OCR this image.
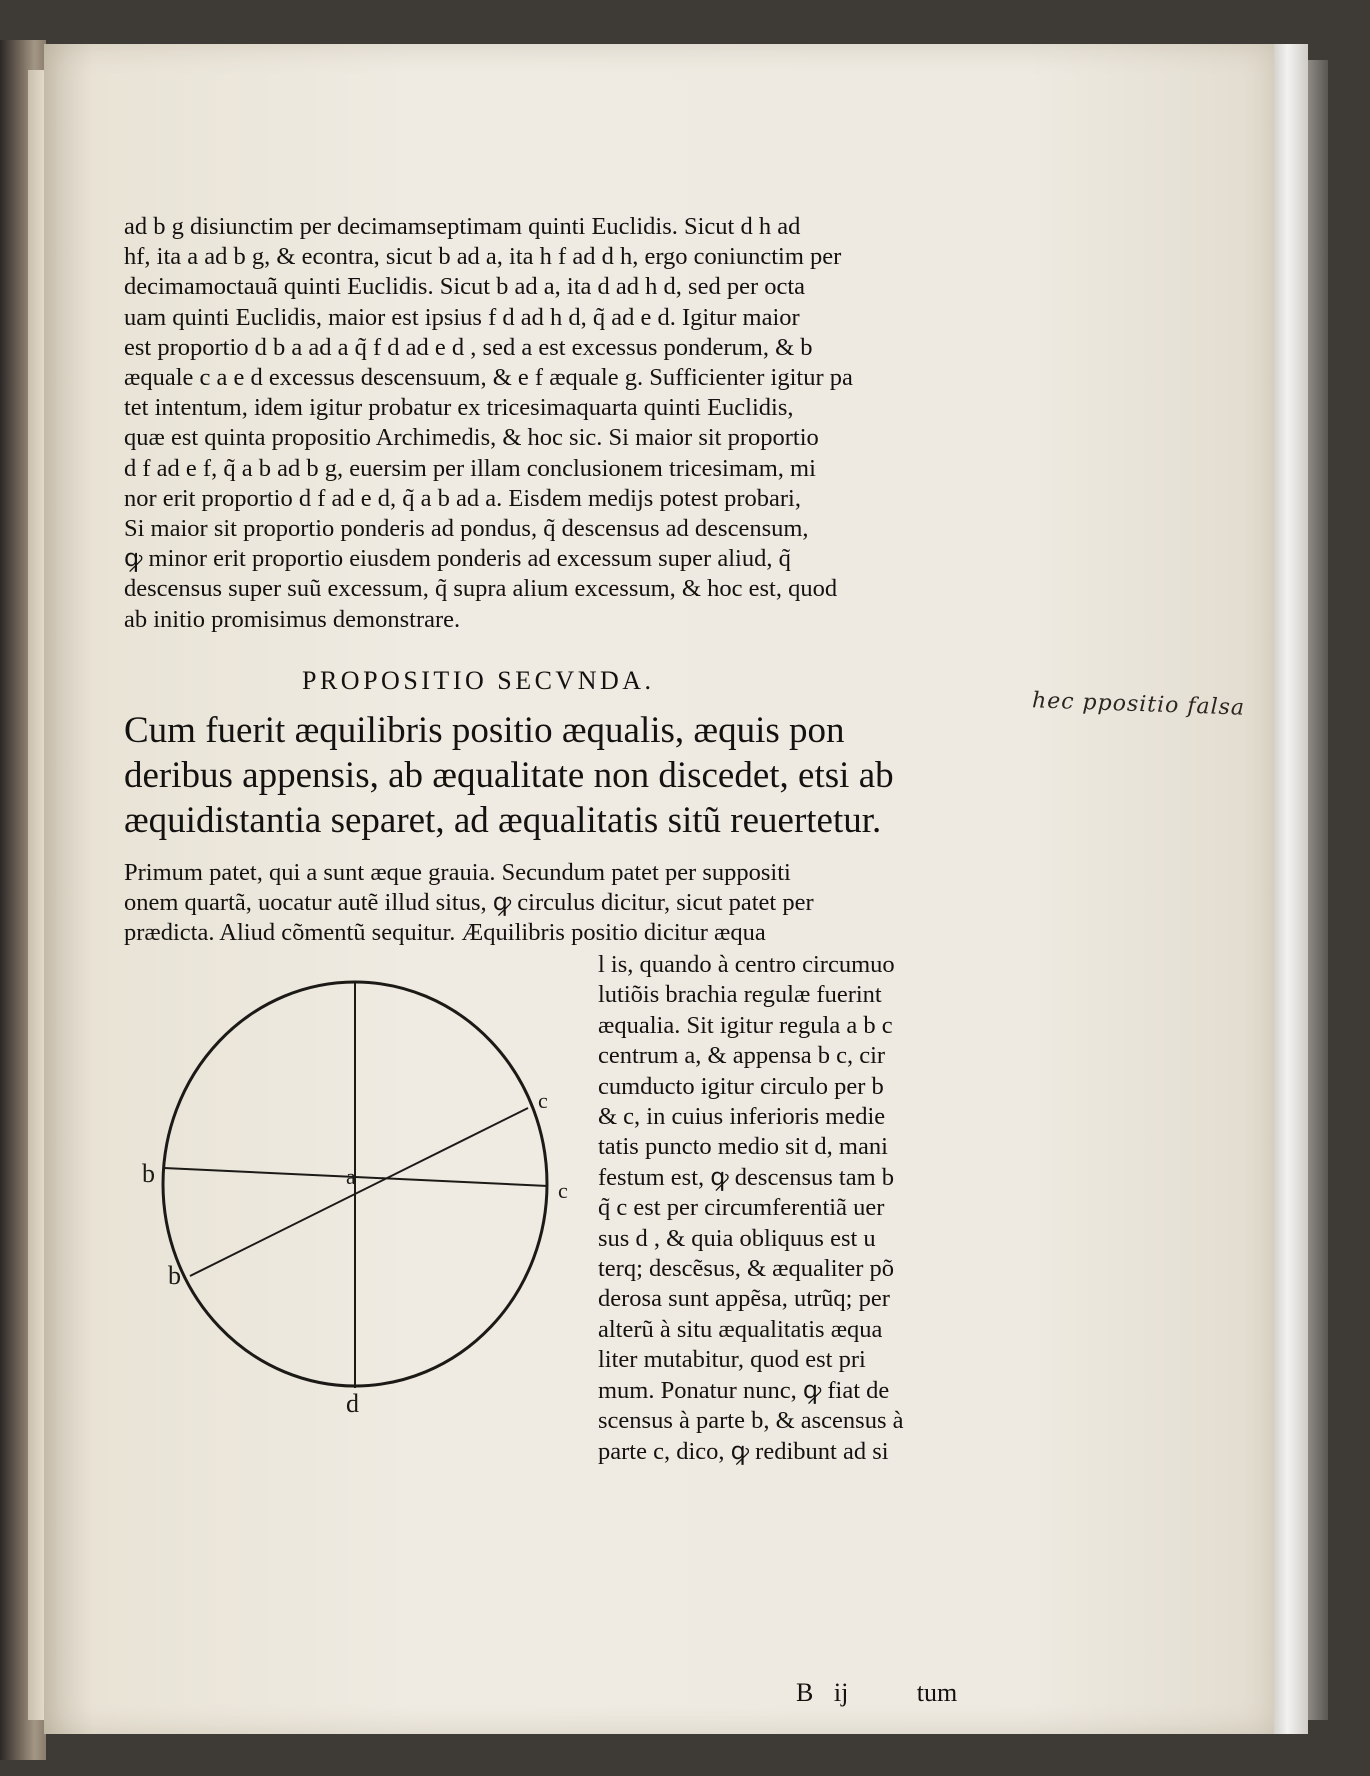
ad b g disiunctim per decimamseptimam quinti Euclidis. Sicut d h ad
hf, ita a ad b g, & econtra, sicut b ad a, ita h f ad d h, ergo coniunctim per
decimamoctauã quinti Euclidis. Sicut b ad a, ita d ad h d, sed per octa
uam quinti Euclidis, maior est ipsius f d ad h d, q̃ ad e d. Igitur maior
est proportio d b a ad a q̃ f d ad e d , sed a est excessus ponderum, & b
æquale c a e d excessus descensuum, & e f æquale g. Sufficienter igitur pa
tet intentum, idem igitur probatur ex tricesimaquarta quinti Euclidis,
quæ est quinta propositio Archimedis, & hoc sic. Si maior sit proportio
d f ad e f, q̃ a b ad b g, euersim per illam conclusionem tricesimam, mi
nor erit proportio d f ad e d, q̃ a b ad a. Eisdem medijs potest probari,
Si maior sit proportio ponderis ad pondus, q̃ descensus ad descensum,
ꝙ minor erit proportio eiusdem ponderis ad excessum super aliud, q̃
descensus super suũ excessum, q̃ supra alium excessum, & hoc est, quod
ab initio promisimus demonstrare.
PROPOSITIO SECVNDA.
Cum fuerit æquilibris positio æqualis, æquis pon
deribus appensis, ab æqualitate non discedet, etsi ab
æquidistantia separet, ad æqualitatis sitũ reuertetur.
hec ppositio falsa
Primum patet, qui a sunt æque grauia. Secundum patet per suppositi
onem quartã, uocatur autẽ illud situs, ꝙ circulus dicitur, sicut patet per
prædicta. Aliud cõmentũ sequitur. Æquilibris positio dicitur æqua
a
b
b
c
c
d
l is, quando à centro circumuo
lutiõis brachia regulæ fuerint
æqualia. Sit igitur regula a b c
centrum a, & appensa b c, cir
cumducto igitur circulo per b
& c, in cuius inferioris medie
tatis puncto medio sit d, mani
festum est, ꝙ descensus tam b
q̃ c est per circumferentiã uer
sus d , & quia obliquus est u
terq; descẽsus, & æqualiter põ
derosa sunt appẽsa, utrũq; per
alterũ à situ æqualitatis æqua
liter mutabitur, quod est pri
mum. Ponatur nunc, ꝙ fiat de
scensus à parte b, & ascensus à
parte c, dico, ꝙ redibunt ad si
B ij	tum
